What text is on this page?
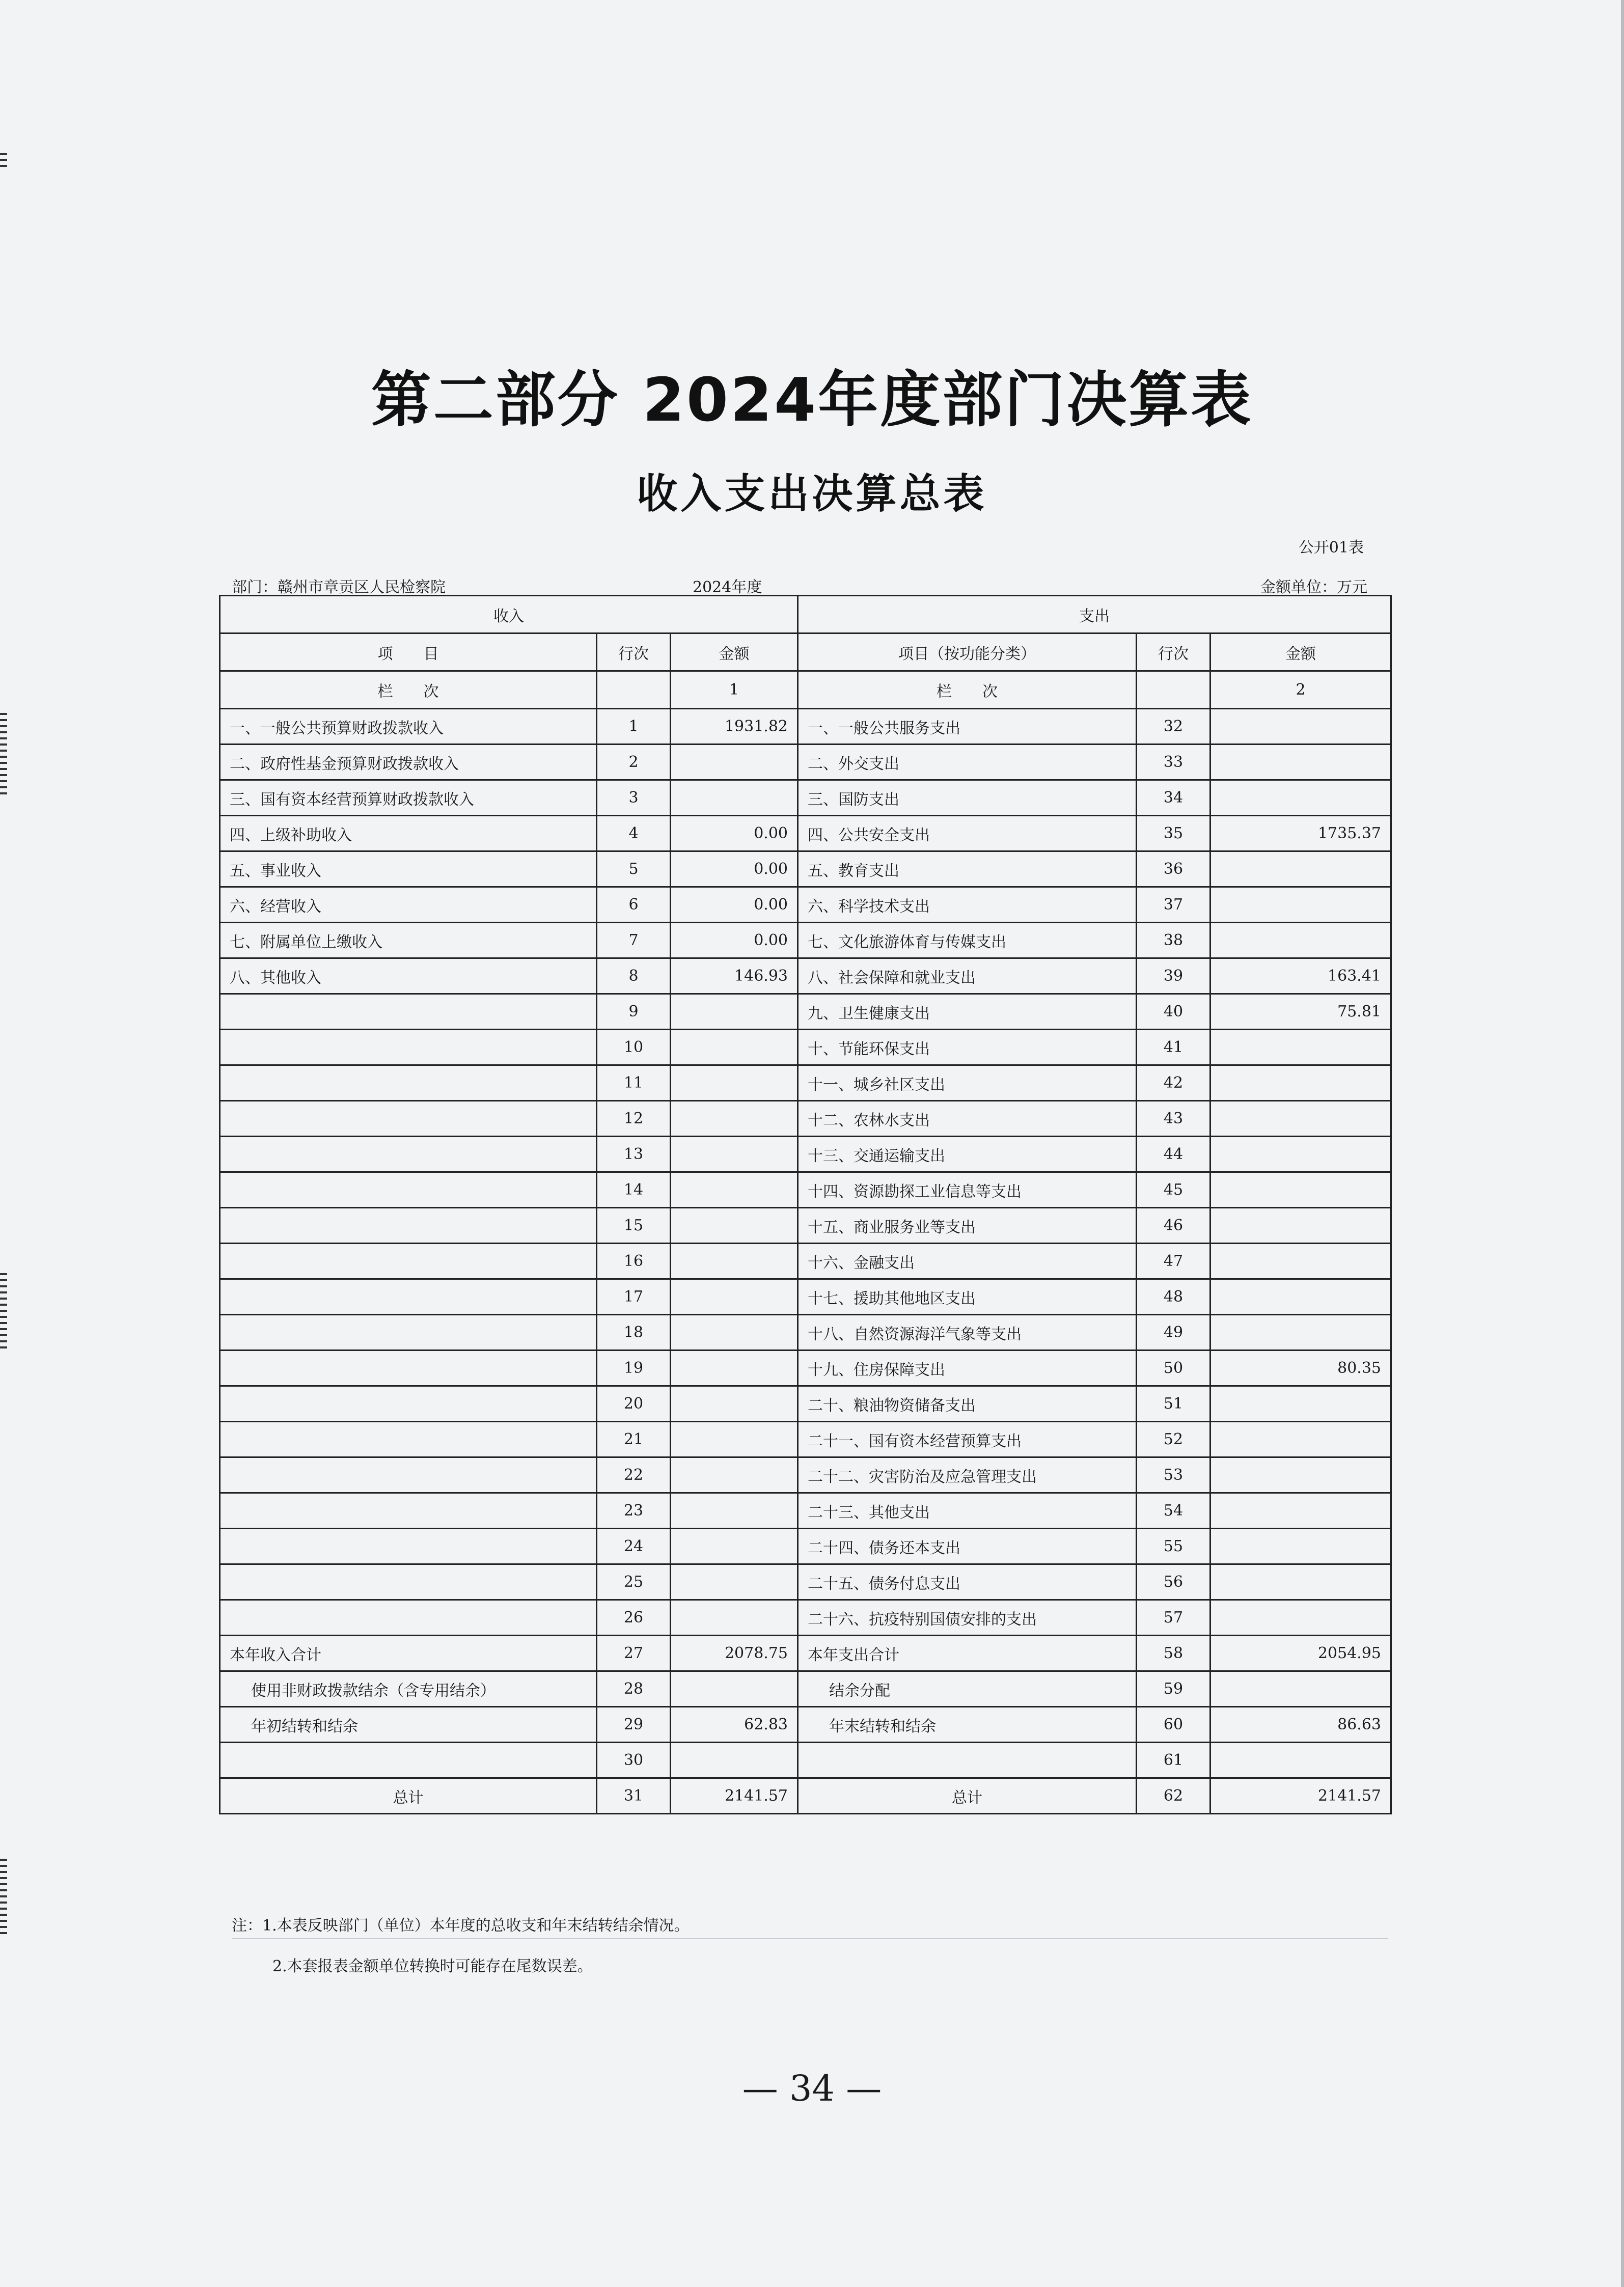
第二部分 2024年度部门决算表
收入支出决算总表
公开01表
部门：赣州市章贡区人民检察院	2024年度	金额单位：万元
收入			支出		
项　　目	行次	金额	项目（按功能分类）	行次	金额
栏　　次		1	栏　　次		2
一、一般公共预算财政拨款收入	1	1931.82	一、一般公共服务支出	32	
二、政府性基金预算财政拨款收入	2		二、外交支出	33	
三、国有资本经营预算财政拨款收入	3		三、国防支出	34	
四、上级补助收入	4	0.00	四、公共安全支出	35	1735.37
五、事业收入	5	0.00	五、教育支出	36	
六、经营收入	6	0.00	六、科学技术支出	37	
七、附属单位上缴收入	7	0.00	七、文化旅游体育与传媒支出	38	
八、其他收入	8	146.93	八、社会保障和就业支出	39	163.41
	9		九、卫生健康支出	40	75.81
	10		十、节能环保支出	41	
	11		十一、城乡社区支出	42	
	12		十二、农林水支出	43	
	13		十三、交通运输支出	44	
	14		十四、资源勘探工业信息等支出	45	
	15		十五、商业服务业等支出	46	
	16		十六、金融支出	47	
	17		十七、援助其他地区支出	48	
	18		十八、自然资源海洋气象等支出	49	
	19		十九、住房保障支出	50	80.35
	20		二十、粮油物资储备支出	51	
	21		二十一、国有资本经营预算支出	52	
	22		二十二、灾害防治及应急管理支出	53	
	23		二十三、其他支出	54	
	24		二十四、债务还本支出	55	
	25		二十五、债务付息支出	56	
	26		二十六、抗疫特别国债安排的支出	57	
本年收入合计	27	2078.75	本年支出合计	58	2054.95
使用非财政拨款结余（含专用结余）	28		结余分配	59	
年初结转和结余	29	62.83	年末结转和结余	60	86.63
	30			61	
总计	31	2141.57	总计	62	2141.57
注：1.本表反映部门（单位）本年度的总收支和年末结转结余情况。
2.本套报表金额单位转换时可能存在尾数误差。
— 34 —
